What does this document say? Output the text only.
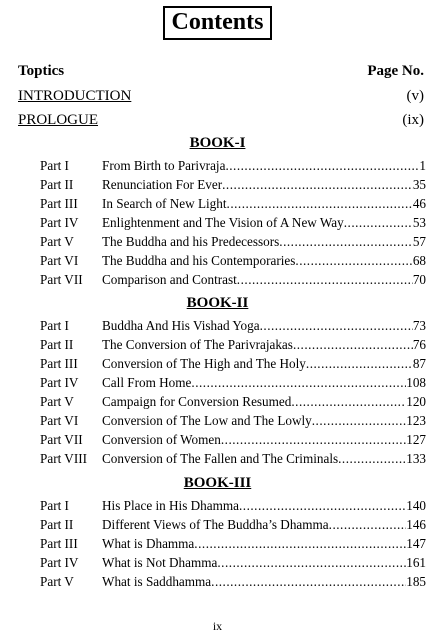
Contents
Toptics	Page No.
INTRODUCTION	(v)
PROLOGUE	(ix)
BOOK-I
Part I	From Birth to Parivraja .....	1
Part II Renunciation For Ever .....	35
Part III In Search of New Light .....	46
Part IV Enlightenment and The Vision of A New Way .....	53
Part V The Buddha and his Predecessors .....	57
Part VI The Buddha and his Contemporaries .....	68
Part VII Comparison and Contrast .....	70
BOOK-II
Part I	Buddha And His Vishad Yoga .....	73
Part II The Conversion of The Parivrajakas .....	76
Part III Conversion of The High and The Holy .....	87
Part IV Call From Home .....	108
Part V Campaign for Conversion Resumed .....	120
Part VI Conversion of The Low and The Lowly .....	123
Part VII Conversion of Women .....	127
Part VIII Conversion of The Fallen and The Criminals .....	133
BOOK-III
Part I	His Place in His Dhamma .....	140
Part II Different Views of The Buddha’s Dhamma .....	146
Part III What is Dhamma .....	147
Part IV What is Not Dhamma .....	161
Part V What is Saddhamma .....	185
ix
